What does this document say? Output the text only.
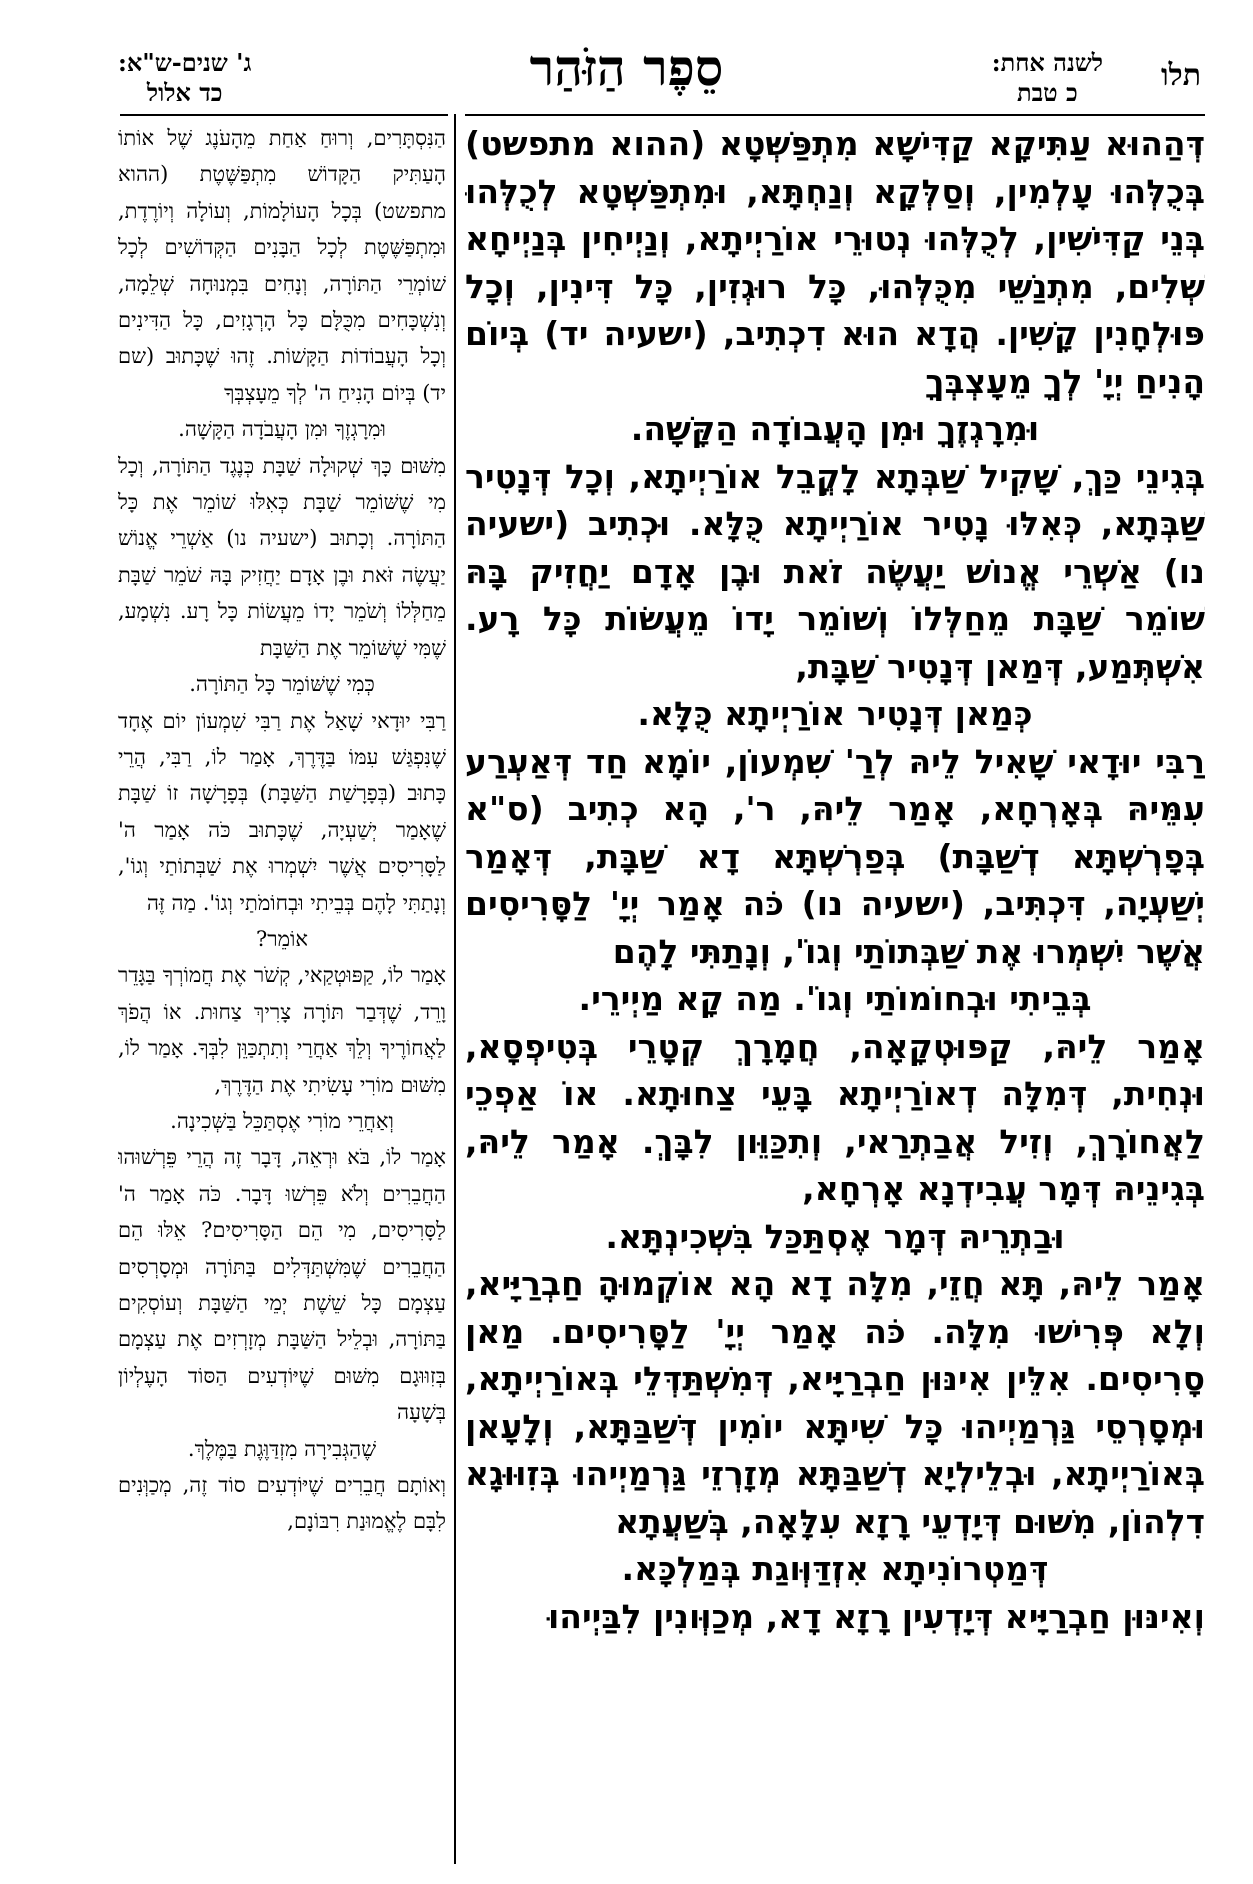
תלו
לשנה אחת:
כ טבת
סֵפֶר הַזֹּהַר
ג' שנים-ש"א:
כד אלול

דְּהַהוּא עַתִּיקָא קַדִּישָׁא מִתְפַּשְּׁטָא (ההוא מתפשט) בְּכֻלְּהוּ עָלְמִין, וְסַלְּקָא וְנַחְתָּא, וּמִתְפַּשְּׁטָא לְכֻלְּהוּ בְּנֵי קַדִּישִׁין, לְכֻלְּהוּ נְטוּרֵי אוֹרַיְיתָא, וְנַיְיחִין בְּנַיְיחָא שְׁלִים, מִתְנַשֵּׁי מִכֻּלְּהוּ, כָּל רוּגְזִין, כָּל דִּינִין, וְכָל פּוּלְחָנִין קָשִׁין. הֲדָא הוּא דִכְתִיב, (ישעיה יד) בְּיוֹם הָנִיחַ יְיָ' לְךָ מֵעָצְבְּךָ
וּמִרָגְזֶךָ וּמִן הָעֲבוֹדָה הַקָּשָׁה.

בְּגִינֵי כַּךְ, שָׁקִיל שַׁבְּתָא לָקֳבֵל אוֹרַיְיתָא, וְכָל דְּנָטִיר שַׁבְּתָא, כְּאִלּוּ נָטִיר אוֹרַיְיתָא כֻּלָּא. וּכְתִיב (ישעיה נו) אַשְׁרֵי אֱנוֹשׁ יַעֲשֶׂה זֹאת וּבֶן אָדָם יַחֲזִיק בָּהּ שׁוֹמֵר שַׁבָּת מֵחַלְּלוֹ וְשׁוֹמֵר יָדוֹ מֵעֲשׂוֹת כָּל רָע. אִשְׁתְּמַע, דְּמַאן דְּנָטִיר שַׁבָּת,
כְּמַאן דְּנָטִיר אוֹרַיְיתָא כֻּלָּא.

רַבִּי יוּדָאי שָׁאִיל לֵיהּ לְרַ' שִׁמְעוֹן, יוֹמָא חַד דְּאַעְרַע עִמֵּיהּ בְּאָרְחָא, אָמַר לֵיהּ, ר', הָא כְתִיב (ס"א בְּפָרְשְׁתָּא דְשַׁבָּת) בְּפַרְשְׁתָּא דָא שַׁבָּת, דְּאָמַר יְשַׁעְיָה, דִּכְתִּיב, (ישעיה נו) כֹּה אָמַר יְיָ' לַסָּרִיסִים אֲשֶׁר יִשְׁמְרוּ אֶת שַׁבְּתוֹתַי וְגוֹ', וְנָתַתִּי לָהֶם
בְּבֵיתִי וּבְחוֹמוֹתַי וְגוֹ'. מַה קָא מַיְירֵי.

אָמַר לֵיהּ, קַפּוּטְקָאָה, חֲמָרָךְ קְטָרֵי בְּטִיפְסָא, וּנְחִית, דְּמִלָּה דְאוֹרַיְיתָא בָּעֵי צַחוּתָא. אוֹ אַפְכֵי לַאֲחוֹרָךְ, וְזִיל אֲבַתְרַאי, וְתִכַּוֵּון לִבָּךְ. אָמַר לֵיהּ, בְּגִינֵיהּ דְּמָר עֲבִידְנָא אָרְחָא,
וּבַתְרֵיהּ דְּמָר אֶסְתַּכַּל בִּשְׁכִינְתָּא.

אָמַר לֵיהּ, תָּא חֲזֵי, מִלָּה דָא הָא אוֹקְמוּהָ חַבְרַיָּיא, וְלָא פְּרִישׁוּ מִלָּה. כֹּה אָמַר יְיָ' לַסָּרִיסִים. מַאן סָרִיסִים. אִלֵּין אִינּוּן חַבְרַיָּיא, דְּמִשְׁתַּדְּלֵי בְּאוֹרַיְיתָא, וּמְסָרְסֵי גַּרְמַיְיהוּ כָּל שִׁיתָּא יוֹמִין דְּשַׁבַּתָּא, וְלָעָאן בְּאוֹרַיְיתָא, וּבְלֵילְיָא דְשַׁבַּתָּא מְזָרְזֵי גַּרְמַיְיהוּ בְּזִוּוּגָא דִלְהוֹן, מִשּׁוּם דְּיָדְעֵי רָזָא עִלָּאָה, בְּשַׁעֲתָא
דְּמַטְרוֹנִיתָא אִזְדַּוְּוגַת בְּמַלְכָּא.

וְאִינּוּן חַבְרַיָּיא דְּיָדְעִין רָזָא דָא, מְכַוְּונִין לִבַּיְיהוּ

הַנִּסְתָּרִים, וְרוּחַ אַחַת מֵהָעֹנֶג שֶׁל אוֹתוֹ הָעַתִּיק הַקָּדוֹשׁ מִתְפַּשֶּׁטֶת (ההוא מתפשט) בְּכָל הָעוֹלָמוֹת, וְעוֹלָה וְיוֹרֶדֶת, וּמִתְפַּשֶּׁטֶת לְכָל הַבָּנִים הַקְּדוֹשִׁים לְכָל שׁוֹמְרֵי הַתּוֹרָה, וְנָחִים בִּמְנוּחָה שְׁלֵמָה, וְנִשְׁכָּחִים מִכֻּלָּם כָּל הָרְגָזִים, כָּל הַדִּינִים וְכָל הָעֲבוֹדוֹת הַקָּשׁוֹת. זֶהוּ שֶׁכָּתוּב (שם יד) בְּיוֹם הָנִיחַ ה' לְךָ מֵעָצְבְּךָ
וּמִרָגְזֶךָ וּמִן הָעֲבֹדָה הַקָּשָׁה.

מִשּׁוּם כָּךְ שְׁקוּלָה שַׁבָּת כְּנֶגֶד הַתּוֹרָה, וְכָל מִי שֶׁשּׁוֹמֵר שַׁבָּת כְּאִלּוּ שׁוֹמֵר אֶת כָּל הַתּוֹרָה. וְכָתוּב (ישעיה נו) אַשְׁרֵי אֱנוֹשׁ יַעֲשֶׂה זֹּאת וּבֶן אָדָם יַחֲזִיק בָּהּ שֹׁמֵר שַׁבָּת מֵחַלְּלוֹ וְשֹׁמֵר יָדוֹ מֵעֲשׂוֹת כָּל רָע. נִשְׁמָע, שֶׁמִּי שֶׁשּׁוֹמֵר אֶת הַשַּׁבָּת
כְּמִי שֶׁשּׁוֹמֵר כָּל הַתּוֹרָה.

רַבִּי יוּדָאי שָׁאַל אֶת רַבִּי שִׁמְעוֹן יוֹם אֶחָד שֶׁנִּפְגַּשׁ עִמּוֹ בַּדֶּרֶךְ, אָמַר לוֹ, רַבִּי, הֲרֵי כָּתוּב (בְּפָרָשַׁת הַשַּׁבָּת) בְּפָרָשָׁה זוֹ שַׁבָּת שֶׁאָמַר יְשַׁעְיָה, שֶׁכָּתוּב כֹּה אָמַר ה' לַסָּרִיסִים אֲשֶׁר יִשְׁמְרוּ אֶת שַׁבְּתוֹתַי וְגוֹ', וְנָתַתִּי לָהֶם בְּבֵיתִי וּבְחוֹמֹתַי וְגוֹ'. מַה זֶּה
אוֹמֵר?

אָמַר לוֹ, קַפּוּטְקַאי, קְשֹׁר אֶת חֲמוֹרְךָ בַּגָּדֵר וָרֵד, שֶׁדְּבַר תּוֹרָה צָרִיךְ צַחוּת. אוֹ הֲפֹךְ לַאֲחוֹרֶיךָ וְלֵךְ אַחֲרַי וְתִתְכַּוֵּן לִבְּךָ. אָמַר לוֹ, מִשּׁוּם מוֹרִי עָשִׂיתִי אֶת הַדֶּרֶךְ,
וְאַחֲרֵי מוֹרִי אֶסְתַּכֵּל בַּשְּׁכִינָה.

אָמַר לוֹ, בֹּא וּרְאֵה, דָּבָר זֶה הֲרֵי פֵּרְשׁוּהוּ הַחֲבֵרִים וְלֹא פֵּרְשׁוּ דָּבָר. כֹּה אָמַר ה' לַסָּרִיסִים, מִי הֵם הַסָּרִיסִים? אֵלּוּ הֵם הַחֲבֵרִים שֶׁמִּשְׁתַּדְּלִים בַּתּוֹרָה וּמְסָרְסִים עַצְמָם כָּל שֵׁשֶׁת יְמֵי הַשַּׁבָּת וְעוֹסְקִים בַּתּוֹרָה, וּבְלֵיל הַשַּׁבָּת מְזָרְזִים אֶת עַצְמָם בְּזִוּוּגָם מִשּׁוּם שֶׁיּוֹדְעִים הַסּוֹד הָעֶלְיוֹן בְּשָׁעָה
שֶׁהַגְּבִירָה מִזְדַּוֶּגֶת בַּמֶּלֶךְ.

וְאוֹתָם חֲבֵרִים שֶׁיּוֹדְעִים סוֹד זֶה, מְכַוְּנִים לִבָּם לֶאֱמוּנַת רִבּוֹנָם,
